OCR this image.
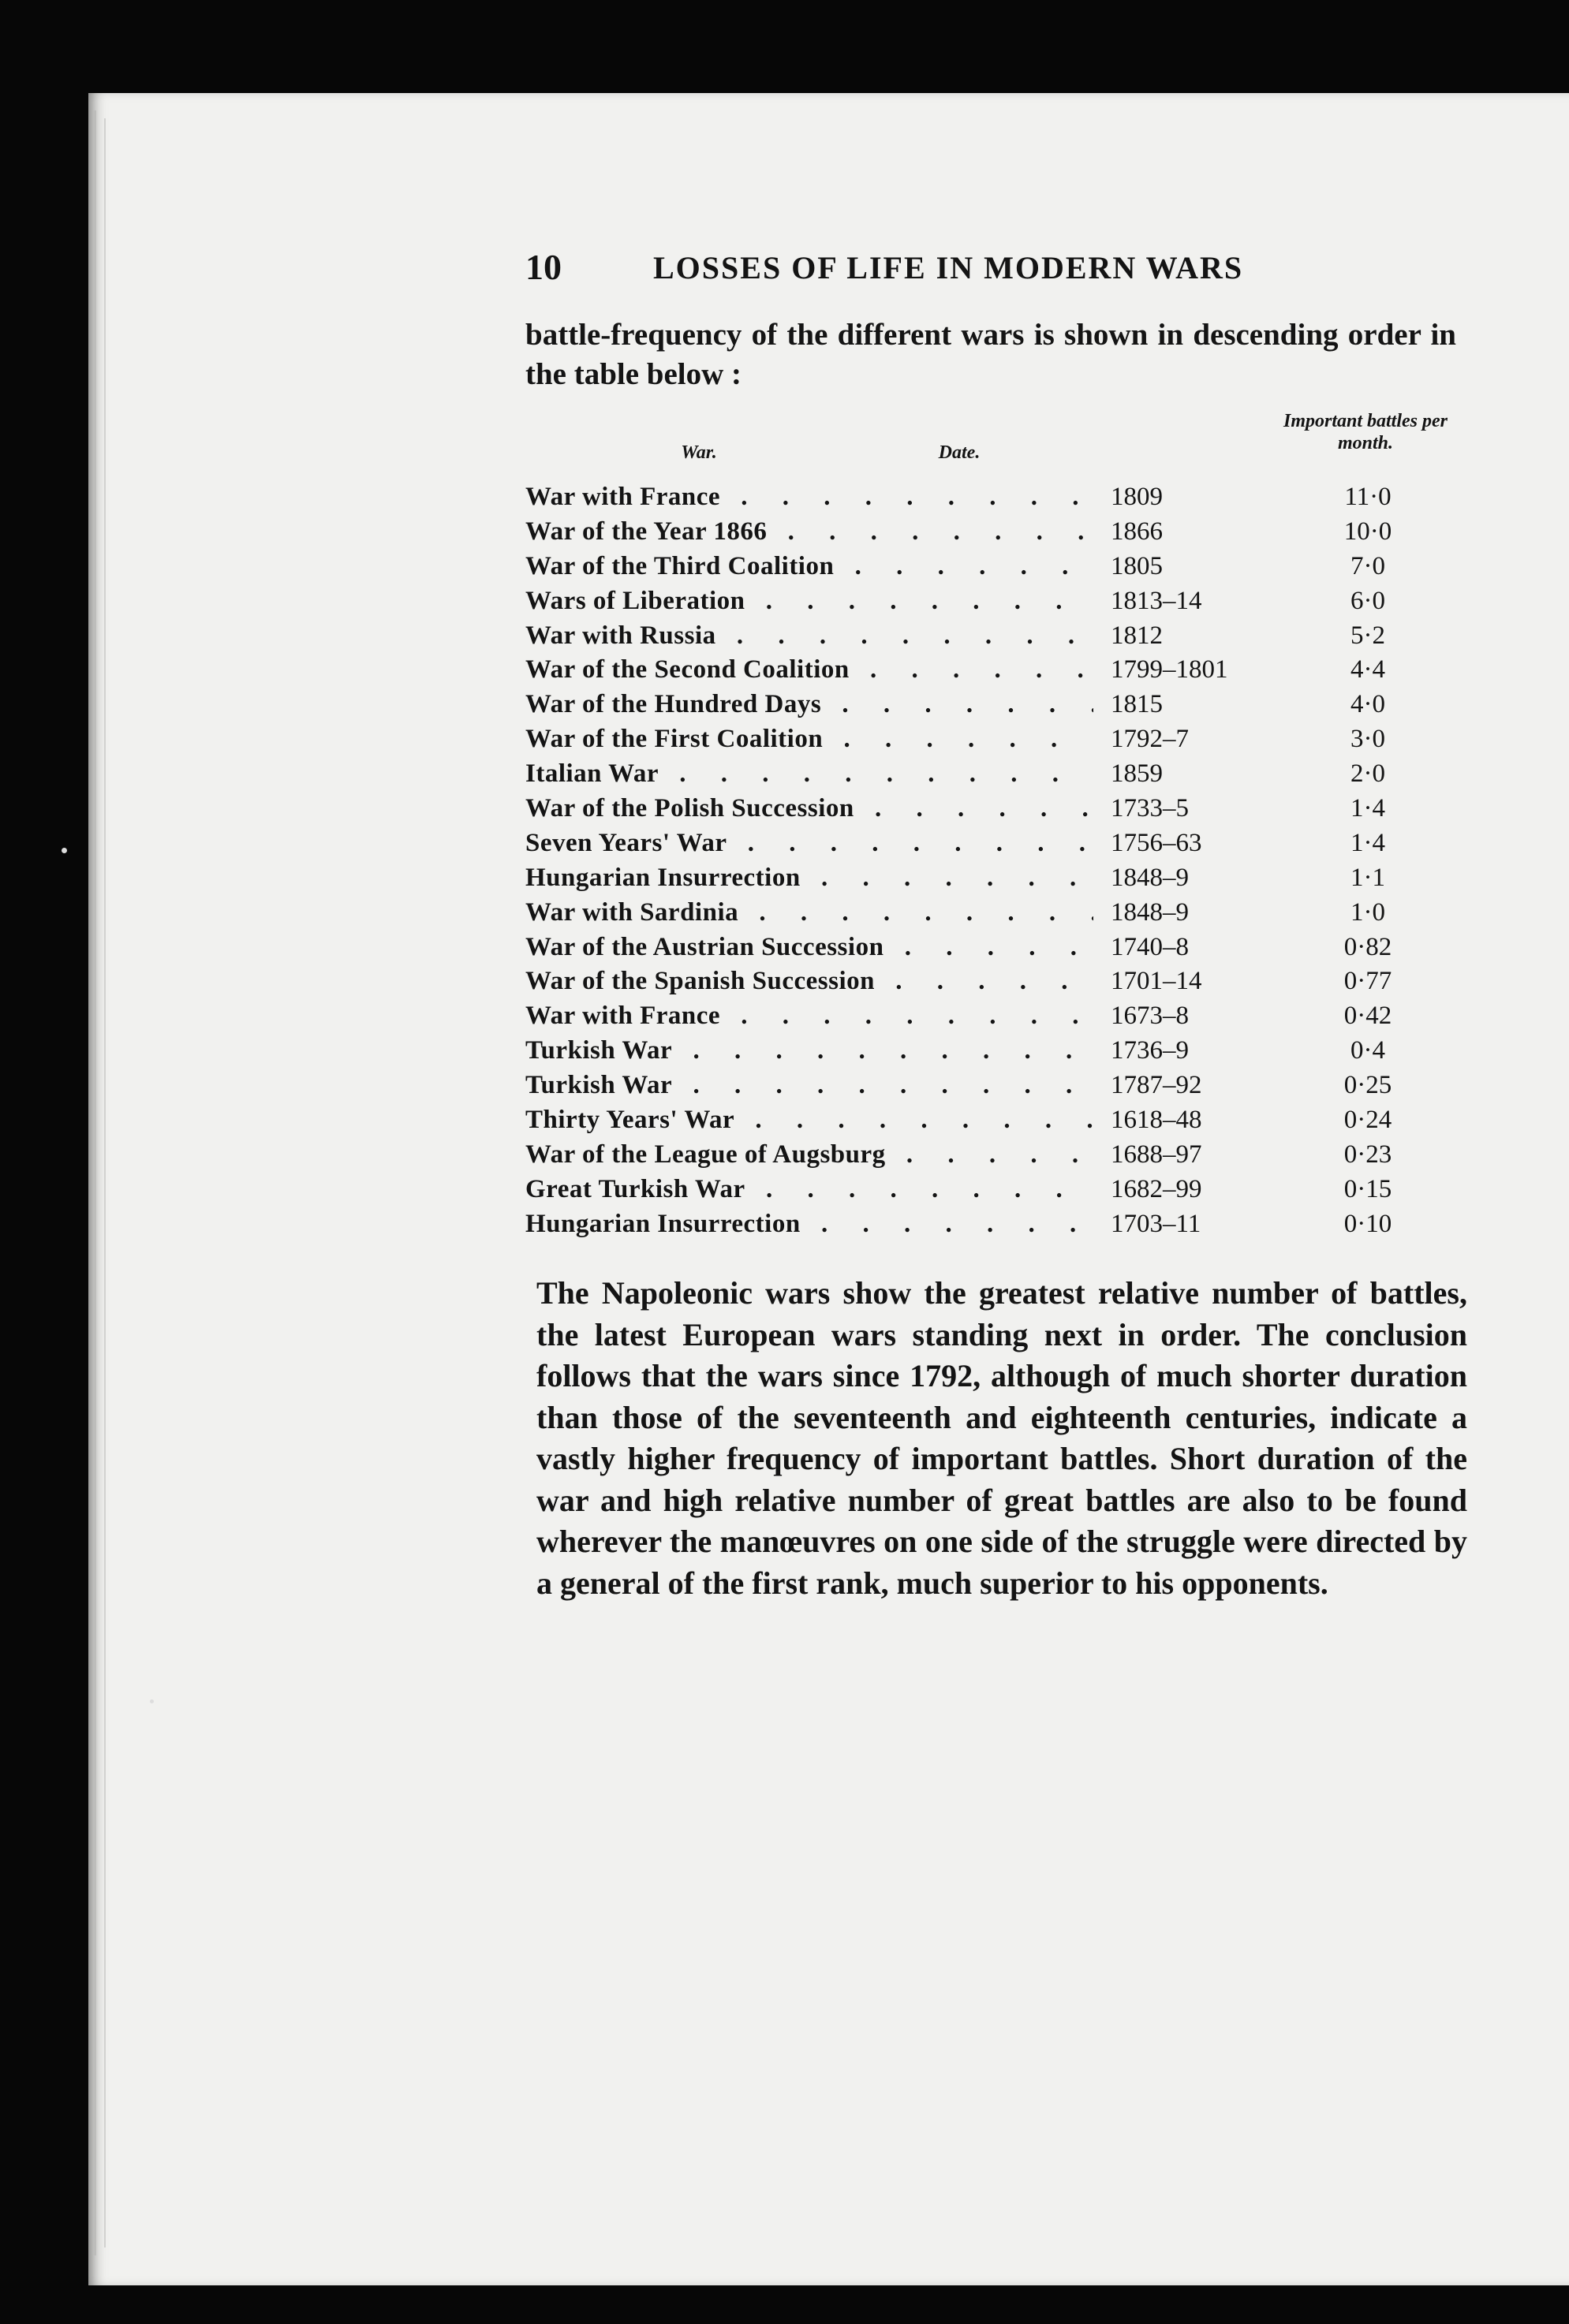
10	LOSSES OF LIFE IN MODERN WARS
battle-frequency of the different wars is shown in descending order in the table below :
War.	Date.
Important battles per month.
War with France . .	1809	11·0
War of the Year 1866 . .	1866	10·0
War of the Third Coalition . .	1805	7·0
Wars of Liberation . .	1813–14	6·0
War with Russia . .	1812	5·2
War of the Second Coalition . .	1799–1801	4·4
War of the Hundred Days . .	1815	4·0
War of the First Coalition . .	1792–7	3·0
Italian War . .	1859	2·0
War of the Polish Succession . .	1733–5	1·4
Seven Years' War . .	1756–63	1·4
Hungarian Insurrection . .	1848–9	1·1
War with Sardinia . .	1848–9	1·0
War of the Austrian Succession . .	1740–8	0·82
War of the Spanish Succession . .	1701–14	0·77
War with France . .	1673–8	0·42
Turkish War . .	1736–9	0·4
Turkish War . .	1787–92	0·25
Thirty Years' War . .	1618–48	0·24
War of the League of Augsburg . .	1688–97	0·23
Great Turkish War . .	1682–99	0·15
Hungarian Insurrection . .	1703–11	0·10
The Napoleonic wars show the greatest relative number of battles, the latest European wars standing next in order. The conclusion follows that the wars since 1792, although of much shorter duration than those of the seventeenth and eighteenth centuries, indicate a vastly higher frequency of important battles. Short duration of the war and high relative number of great battles are also to be found wherever the manœuvres on one side of the struggle were directed by a general of the first rank, much superior to his opponents.
